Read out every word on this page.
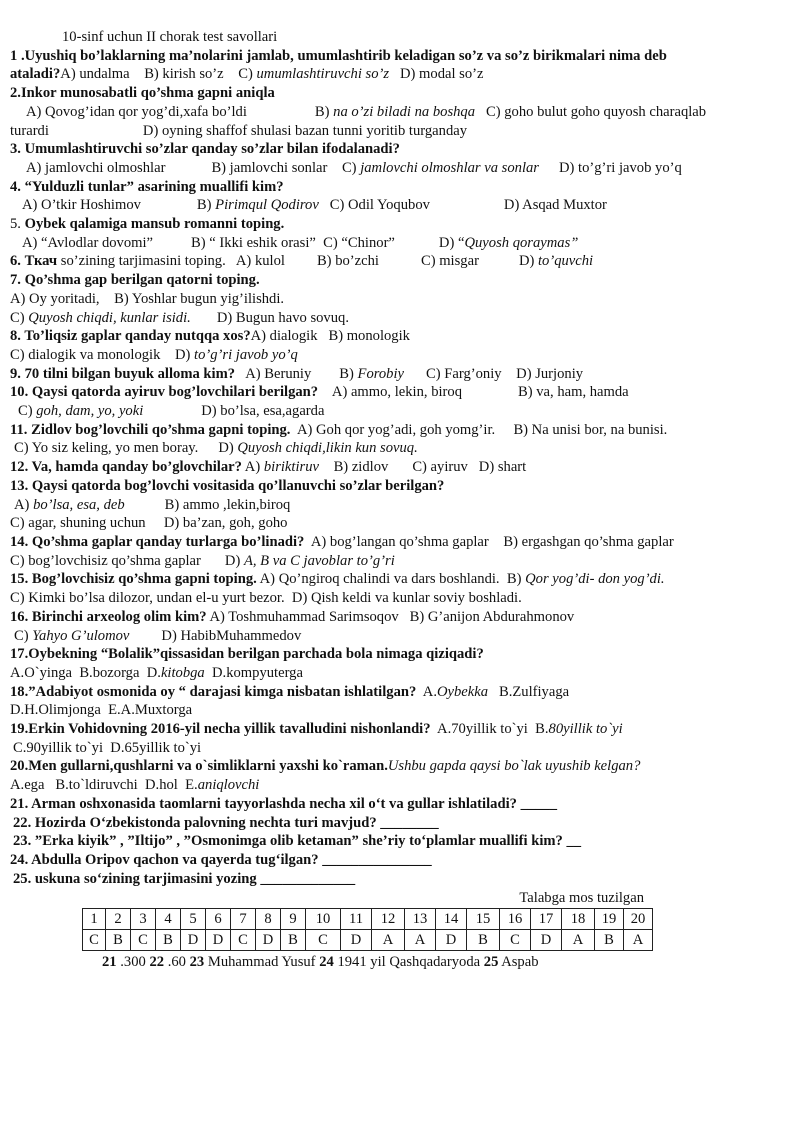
10-sinf uchun II chorak test savollari
1 .Uyushiq bo’laklarning ma’nolarini jamlab, umumlashtirib keladigan so’z va so’z birikmalari nima deb
ataladi?A) undalma B) kirish so’z C) umumlashtiruvchi so’z D) modal so’z
2.Inkor munosabatli qo’shma gapni aniqla
A) Qovog’idan qor yog’di,xafa bo’ldi	B) na o’zi biladi na boshqa C) goho bulut goho quyosh charaqlab
turardi	D) oyning shaffof shulasi bazan tunni yoritib turganday
3. Umumlashtiruvchi so’zlar qanday so’zlar bilan ifodalanadi?
A) jamlovchi olmoshlar	B) jamlovchi sonlar C) jamlovchi olmoshlar va sonlar D) to’g’ri javob yo’q
4. “Yulduzli tunlar” asarining muallifi kim?
A) O’tkir Hoshimov	B) Pirimqul Qodirov C) Odil Yoqubov	D) Asqad Muxtor
5. Oybek qalamiga mansub romanni toping.
A) “Avlodlar dovomi”	B) “ Ikki eshik orasi” C) “Chinor”	D) “Quyosh qoraymas”
6. Ткач so’zining tarjimasini toping. A) kulol B) bo’zchi	C) misgar	D) to’quvchi
7. Qo’shma gap berilgan qatorni toping.
A) Oy yoritadi, B) Yoshlar bugun yig’ilishdi.
C) Quyosh chiqdi, kunlar isidi. D) Bugun havo sovuq.
8. To’liqsiz gaplar qanday nutqqa xos?A) dialogik B) monologik
C) dialogik va monologik D) to’g’ri javob yo’q
9. 70 tilni bilgan buyuk alloma kim? A) Beruniy B) Forobiy C) Farg’oniy D) Jurjoniy
10. Qaysi qatorda ayiruv bog’lovchilari berilgan? A) ammo, lekin, biroq	B) va, ham, hamda
C) goh, dam, yo, yoki	D) bo’lsa, esa,agarda
11. Zidlov bog’lovchili qo’shma gapni toping. A) Goh qor yog’adi, goh yomg’ir. B) Na unisi bor, na bunisi.
C) Yo siz keling, yo men boray. D) Quyosh chiqdi,likin kun sovuq.
12. Va, hamda qanday bo’glovchilar? A) biriktiruv B) zidlov C) ayiruv D) shart
13. Qaysi qatorda bog’lovchi vositasida qo’llanuvchi so’zlar berilgan?
A) bo’lsa, esa, deb	B) ammo ,lekin,biroq
C) agar, shuning uchun D) ba’zan, goh, goho
14. Qo’shma gaplar qanday turlarga bo’linadi? A) bog’langan qo’shma gaplar B) ergashgan qo’shma gaplar
C) bog’lovchisiz qo’shma gaplar D) A, B va C javoblar to’g’ri
15. Bog’lovchisiz qo’shma gapni toping. A) Qo’ngiroq chalindi va dars boshlandi. B) Qor yog’di- don yog’di.
C) Kimki bo’lsa dilozor, undan el-u yurt bezor. D) Qish keldi va kunlar soviy boshladi.
16. Birinchi arxeolog olim kim? A) Toshmuhammad Sarimsoqov B) G’anijon Abdurahmonov
C) Yahyo G’ulomov D) HabibMuhammedov
17.Oybekning “Bolalik”qissasidan berilgan parchada bola nimaga qiziqadi?
A.O`yinga B.bozorga D.kitobga D.kompyuterga
18.”Adabiyot osmonida oy “ darajasi kimga nisbatan ishlatilgan? A.Oybekka B.Zulfiyaga
D.H.Olimjonga E.A.Muxtorga
19.Erkin Vohidovning 2016-yil necha yillik tavalludini nishonlandi? A.70yillik to`yi B.80yillik to`yi
C.90yillik to`yi D.65yillik to`yi
20.Men gullarni,qushlarni va o`simliklarni yaxshi ko`raman.Ushbu gapda qaysi bo`lak uyushib kelgan?
A.ega B.to`ldiruvchi D.hol E.aniqlovchi
21. Arman oshxonasida taomlarni tayyorlashda necha xil o‘t va gullar ishlatiladi? _____
22. Hozirda O‘zbekistonda palovning nechta turi mavjud? ________
23. ”Erka kiyik” , ”Iltijo” , ”Osmonimga olib ketaman” she’riy to‘plamlar muallifi kim? __
24. Abdulla Oripov qachon va qayerda tug‘ilgan? _______________
25. uskuna so‘zining tarjimasini yozing _____________
Talabga mos tuzilgan
1	2	3	4	5	6	7	8	9	10	11	12	13	14	15	16	17	18	19	20
C	B	C	B	D	D	C	D	B	C	D	A	A	D	B	C	D	A	B	A
21 .300 22 .60 23 Muhammad Yusuf 24 1941 yil Qashqadaryoda 25 Aspab
